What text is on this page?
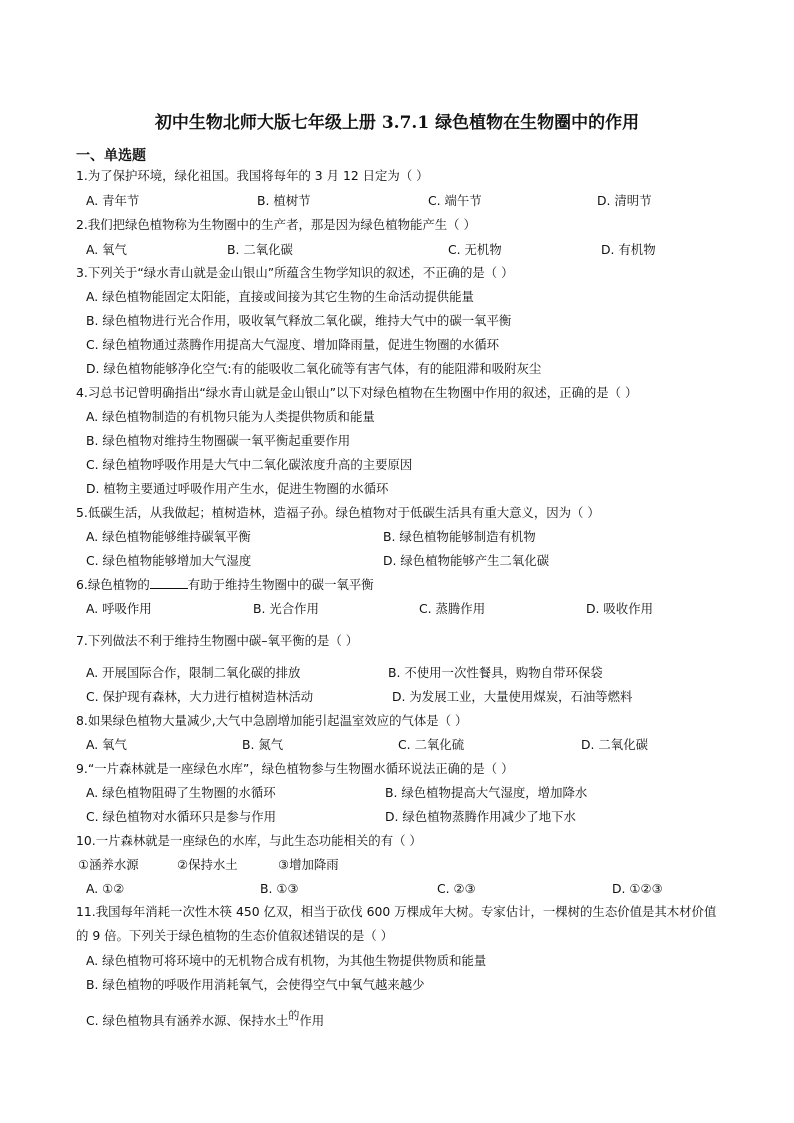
初中生物北师大版七年级上册 3.7.1 绿色植物在生物圈中的作用
一、单选题
1.为了保护环境，绿化祖国。我国将每年的 3 月 12 日定为（ ）
A. 青年节	B. 植树节	C. 端午节	D. 清明节
2.我们把绿色植物称为生物圈中的生产者，那是因为绿色植物能产生（ ）
A. 氧气	B. 二氧化碳	C. 无机物	D. 有机物
3.下列关于“绿水青山就是金山银山”所蕴含生物学知识的叙述，不正确的是（ ）
A. 绿色植物能固定太阳能，直接或间接为其它生物的生命活动提供能量
B. 绿色植物进行光合作用，吸收氧气释放二氧化碳，维持大气中的碳一氧平衡
C. 绿色植物通过蒸腾作用提高大气湿度、增加降雨量，促进生物圈的水循环
D. 绿色植物能够净化空气:有的能吸收二氧化硫等有害气体，有的能阻滞和吸附灰尘
4.习总书记曾明确指出“绿水青山就是金山银山”以下对绿色植物在生物圈中作用的叙述，正确的是（ ）
A. 绿色植物制造的有机物只能为人类提供物质和能量
B. 绿色植物对维持生物圈碳一氧平衡起重要作用
C. 绿色植物呼吸作用是大气中二氧化碳浓度升高的主要原因
D. 植物主要通过呼吸作用产生水，促进生物圈的水循环
5.低碳生活，从我做起；植树造林，造福子孙。绿色植物对于低碳生活具有重大意义，因为（ ）
A. 绿色植物能够维持碳氧平衡	B. 绿色植物能够制造有机物
C. 绿色植物能够增加大气湿度	D. 绿色植物能够产生二氧化碳
6.绿色植物的	有助于维持生物圈中的碳一氧平衡
A. 呼吸作用	B. 光合作用	C. 蒸腾作用	D. 吸收作用
7.下列做法不利于维持生物圈中碳–氧平衡的是（ ）
A. 开展国际合作，限制二氧化碳的排放	B. 不使用一次性餐具，购物自带环保袋
C. 保护现有森林，大力进行植树造林活动	D. 为发展工业，大量使用煤炭，石油等燃料
8.如果绿色植物大量减少,大气中急剧增加能引起温室效应的气体是（ ）
A. 氧气	B. 氮气	C. 二氧化硫	D. 二氧化碳
9.“一片森林就是一座绿色水库”，绿色植物参与生物圈水循环说法正确的是（ ）
A. 绿色植物阻碍了生物圈的水循环	B. 绿色植物提高大气湿度，增加降水
C. 绿色植物对水循环只是参与作用	D. 绿色植物蒸腾作用减少了地下水
10.一片森林就是一座绿色的水库，与此生态功能相关的有（ ）
①涵养水源	②保持水土	③增加降雨
A. ①②	B. ①③	C. ②③	D. ①②③
11.我国每年消耗一次性木筷 450 亿双，相当于砍伐 600 万棵成年大树。专家估计，一棵树的生态价值是其木材价值的 9 倍。下列关于绿色植物的生态价值叙述错误的是（ ）
A. 绿色植物可将环境中的无机物合成有机物，为其他生物提供物质和能量
B. 绿色植物的呼吸作用消耗氧气，会使得空气中氧气越来越少
C. 绿色植物具有涵养水源、保持水土的作用
